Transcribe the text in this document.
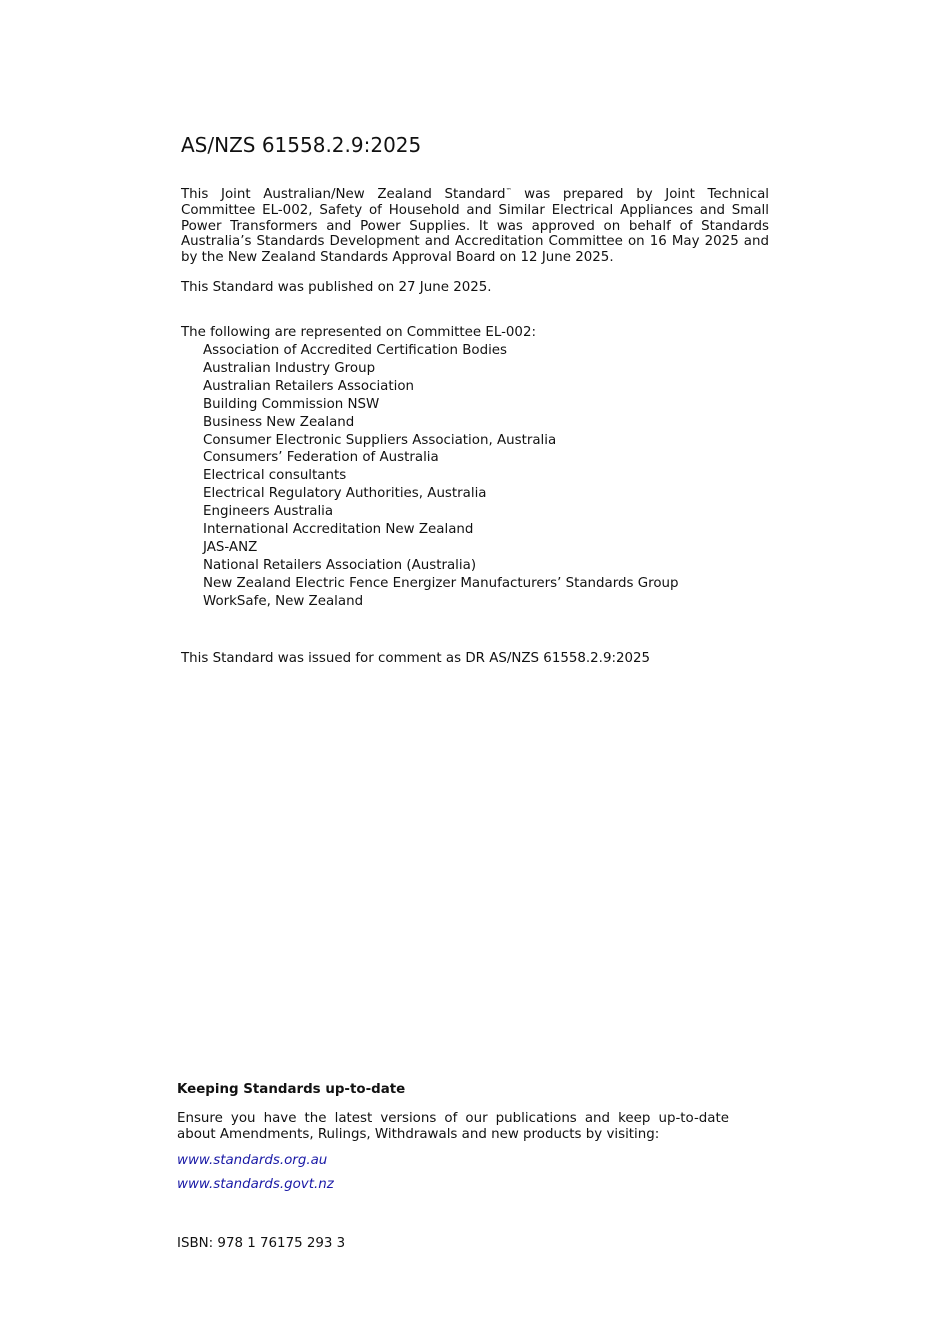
AS/NZS 61558.2.9:2025

This Joint Australian/New Zealand Standard™ was prepared by Joint Technical Committee EL-002, Safety of Household and Similar Electrical Appliances and Small Power Transformers and Power Supplies. It was approved on behalf of Standards Australia’s Standards Development and Accreditation Committee on 16 May 2025 and by the New Zealand Standards Approval Board on 12 June 2025.

This Standard was published on 27 June 2025.

The following are represented on Committee EL-002:

Association of Accredited Certification Bodies
Australian Industry Group
Australian Retailers Association
Building Commission NSW
Business New Zealand
Consumer Electronic Suppliers Association, Australia
Consumers’ Federation of Australia
Electrical consultants
Electrical Regulatory Authorities, Australia
Engineers Australia
International Accreditation New Zealand
JAS-ANZ
National Retailers Association (Australia)
New Zealand Electric Fence Energizer Manufacturers’ Standards Group
WorkSafe, New Zealand

This Standard was issued for comment as DR AS/NZS 61558.2.9:2025

Keeping Standards up-to-date

Ensure you have the latest versions of our publications and keep up-to-date about Amendments, Rulings, Withdrawals and new products by visiting:

www.standards.org.au
www.standards.govt.nz

ISBN: 978 1 76175 293 3
